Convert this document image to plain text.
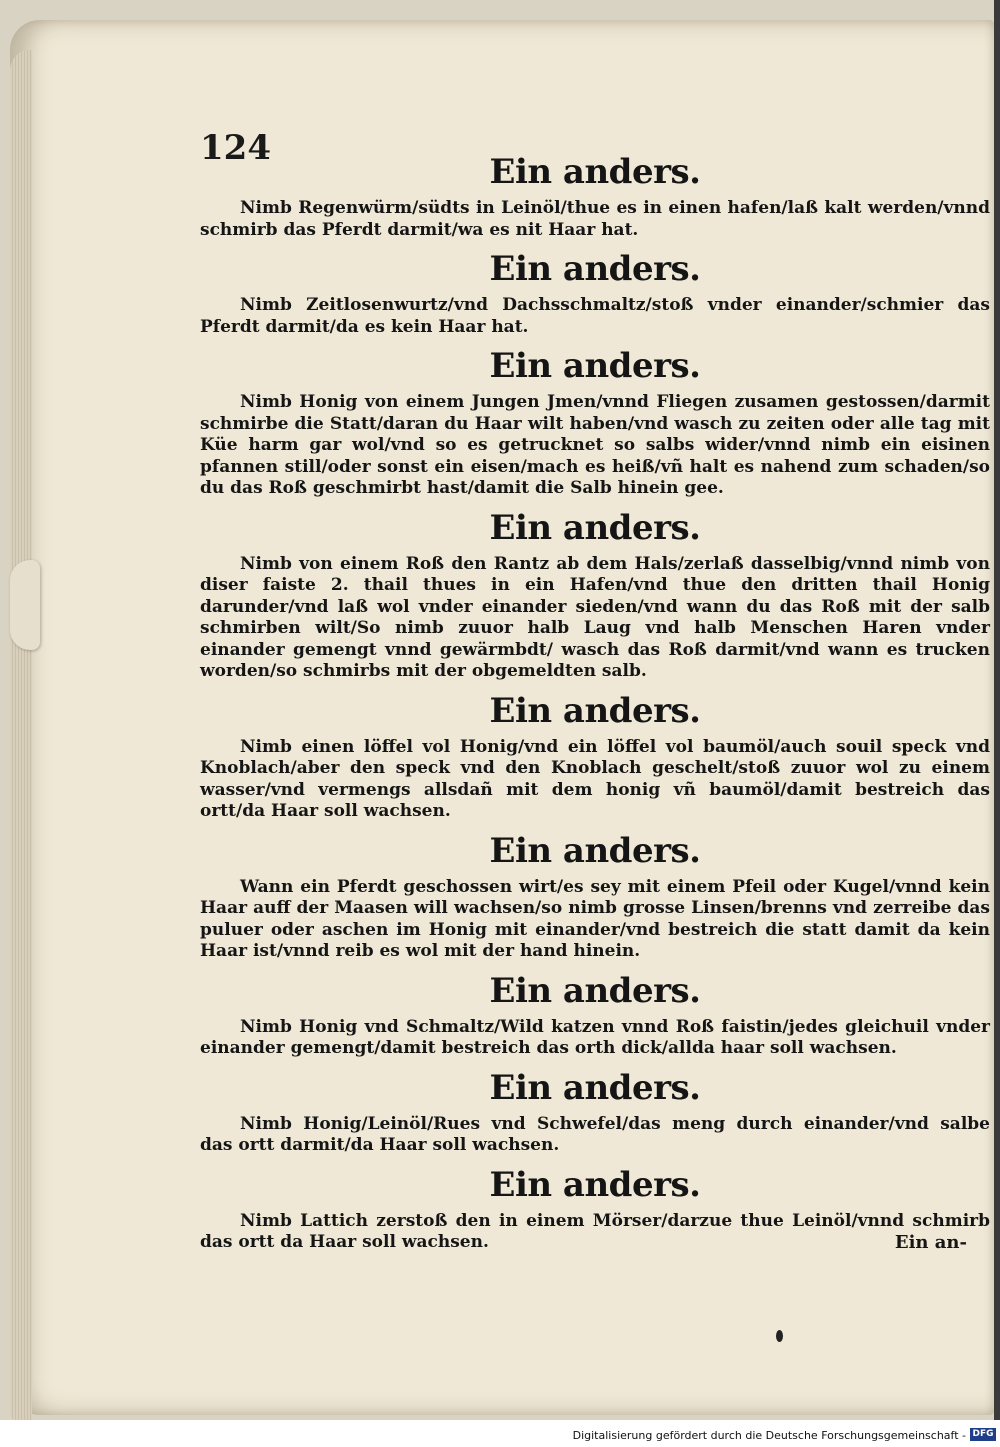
124
Ein anders.

Nimb Regenwürm/südts in Leinöl/thue es in einen hafen/laß kalt werden/vnnd schmirb das Pferdt darmit/wa es nit Haar hat.

Ein anders.

Nimb Zeitlosenwurtz/vnd Dachsschmaltz/stoß vnder einander/schmier das Pferdt darmit/da es kein Haar hat.

Ein anders.

Nimb Honig von einem Jungen Jmen/vnnd Fliegen zusamen gestossen/darmit schmirbe die Statt/daran du Haar wilt haben/vnd wasch zu zeiten oder alle tag mit Küe harm gar wol/vnd so es getrucknet so salbs wider/vnnd nimb ein eisinen pfannen still/oder sonst ein eisen/mach es heiß/vñ halt es nahend zum schaden/so du das Roß geschmirbt hast/damit die Salb hinein gee.

Ein anders.

Nimb von einem Roß den Rantz ab dem Hals/zerlaß dasselbig/vnnd nimb von diser faiste 2. thail thues in ein Hafen/vnd thue den dritten thail Honig darunder/vnd laß wol vnder einander sieden/vnd wann du das Roß mit der salb schmirben wilt/So nimb zuuor halb Laug vnd halb Menschen Haren vnder einander gemengt vnnd gewärmbdt/ wasch das Roß darmit/vnd wann es trucken worden/so schmirbs mit der obgemeldten salb.

Ein anders.

Nimb einen löffel vol Honig/vnd ein löffel vol baumöl/auch souil speck vnd Knoblach/aber den speck vnd den Knoblach geschelt/stoß zuuor wol zu einem wasser/vnd vermengs allsdañ mit dem honig vñ baumöl/damit bestreich das ortt/da Haar soll wachsen.

Ein anders.

Wann ein Pferdt geschossen wirt/es sey mit einem Pfeil oder Kugel/vnnd kein Haar auff der Maasen will wachsen/so nimb grosse Linsen/brenns vnd zerreibe das puluer oder aschen im Honig mit einander/vnd bestreich die statt damit da kein Haar ist/vnnd reib es wol mit der hand hinein.

Ein anders.

Nimb Honig vnd Schmaltz/Wild katzen vnnd Roß faistin/jedes gleichuil vnder einander gemengt/damit bestreich das orth dick/allda haar soll wachsen.

Ein anders.

Nimb Honig/Leinöl/Rues vnd Schwefel/das meng durch einander/vnd salbe das ortt darmit/da Haar soll wachsen.

Ein anders.

Nimb Lattich zerstoß den in einem Mörser/darzue thue Leinöl/vnnd schmirb das ortt da Haar soll wachsen.	Ein an-
Digitalisierung gefördert durch die Deutsche Forschungsgemeinschaft - DFG
